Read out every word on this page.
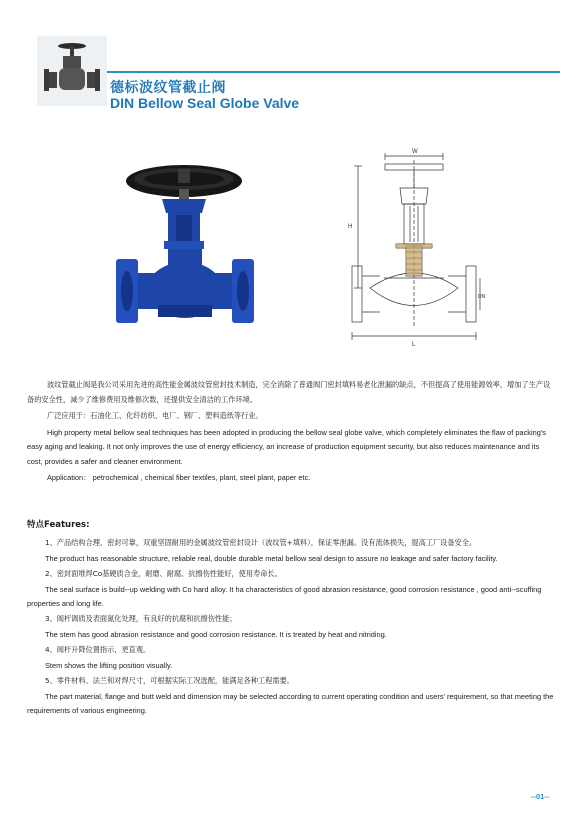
德标波纹管截止阀
DIN Bellow Seal Globe Valve
W
H
L
DN

波纹管截止阀是我公司采用先进的高性能金属波纹管密封技术制造，完全消除了普通阀门密封填料易老化泄漏的缺点，不但提高了使用能源效率，增加了生产设备的安全性，减少了维修费用及维修次数，还提供安全清洁的工作环境。

广泛应用于：石油化工、化纤纺织、电厂、钢厂、塑料造纸等行业。

High property metal bellow seal techniques has been adopted in producing the bellow seal globe valve, which completely eliminates the flaw of packing's easy aging and leaking. It not only improves the use of energy efficiency, an increase of production equipment security, but also reduces maintenance and its cost, provides a safer and cleaner environment.

Application： petrochemical , chemical fiber textiles, plant, steel plant, paper etc.

特点Features:

1、产品结构合理、密封可靠，双重坚固耐用的金属波纹管密封设计（波纹管+填料），保证零泄漏。没有流体损失，提高工厂设备安全。

The product has reasonable structure, reliable real, double durable metal bellow seal design to assure no leakage and safer factory facility.

2、密封面堆焊Co基硬质合金，耐磨、耐腐、抗擦伤性能好，使用寿命长。

The seal surface is build--up welding with Co hard alloy. It ha characteristics of good abrasion resistance, good corrosion resistance , good anti--scuffing properties and long life.

3、阀杆调质及表面氮化处理，有良好的抗腐和抗擦伤性能；

The stem has good abrasion resistance and good corrosion resistance. It is treated by heat and nitriding.

4、阀杆升降位置指示，更直观。

Stem shows the lifting position visually.

5、零件材料、法兰和对焊尺寸，可根据实际工况选配，能满足各种工程需要。

The part material, flange and butt weld and dimension may be selected according to current operating condition and users' requirement, so that meeting the requirements of various engineering.

--01--
